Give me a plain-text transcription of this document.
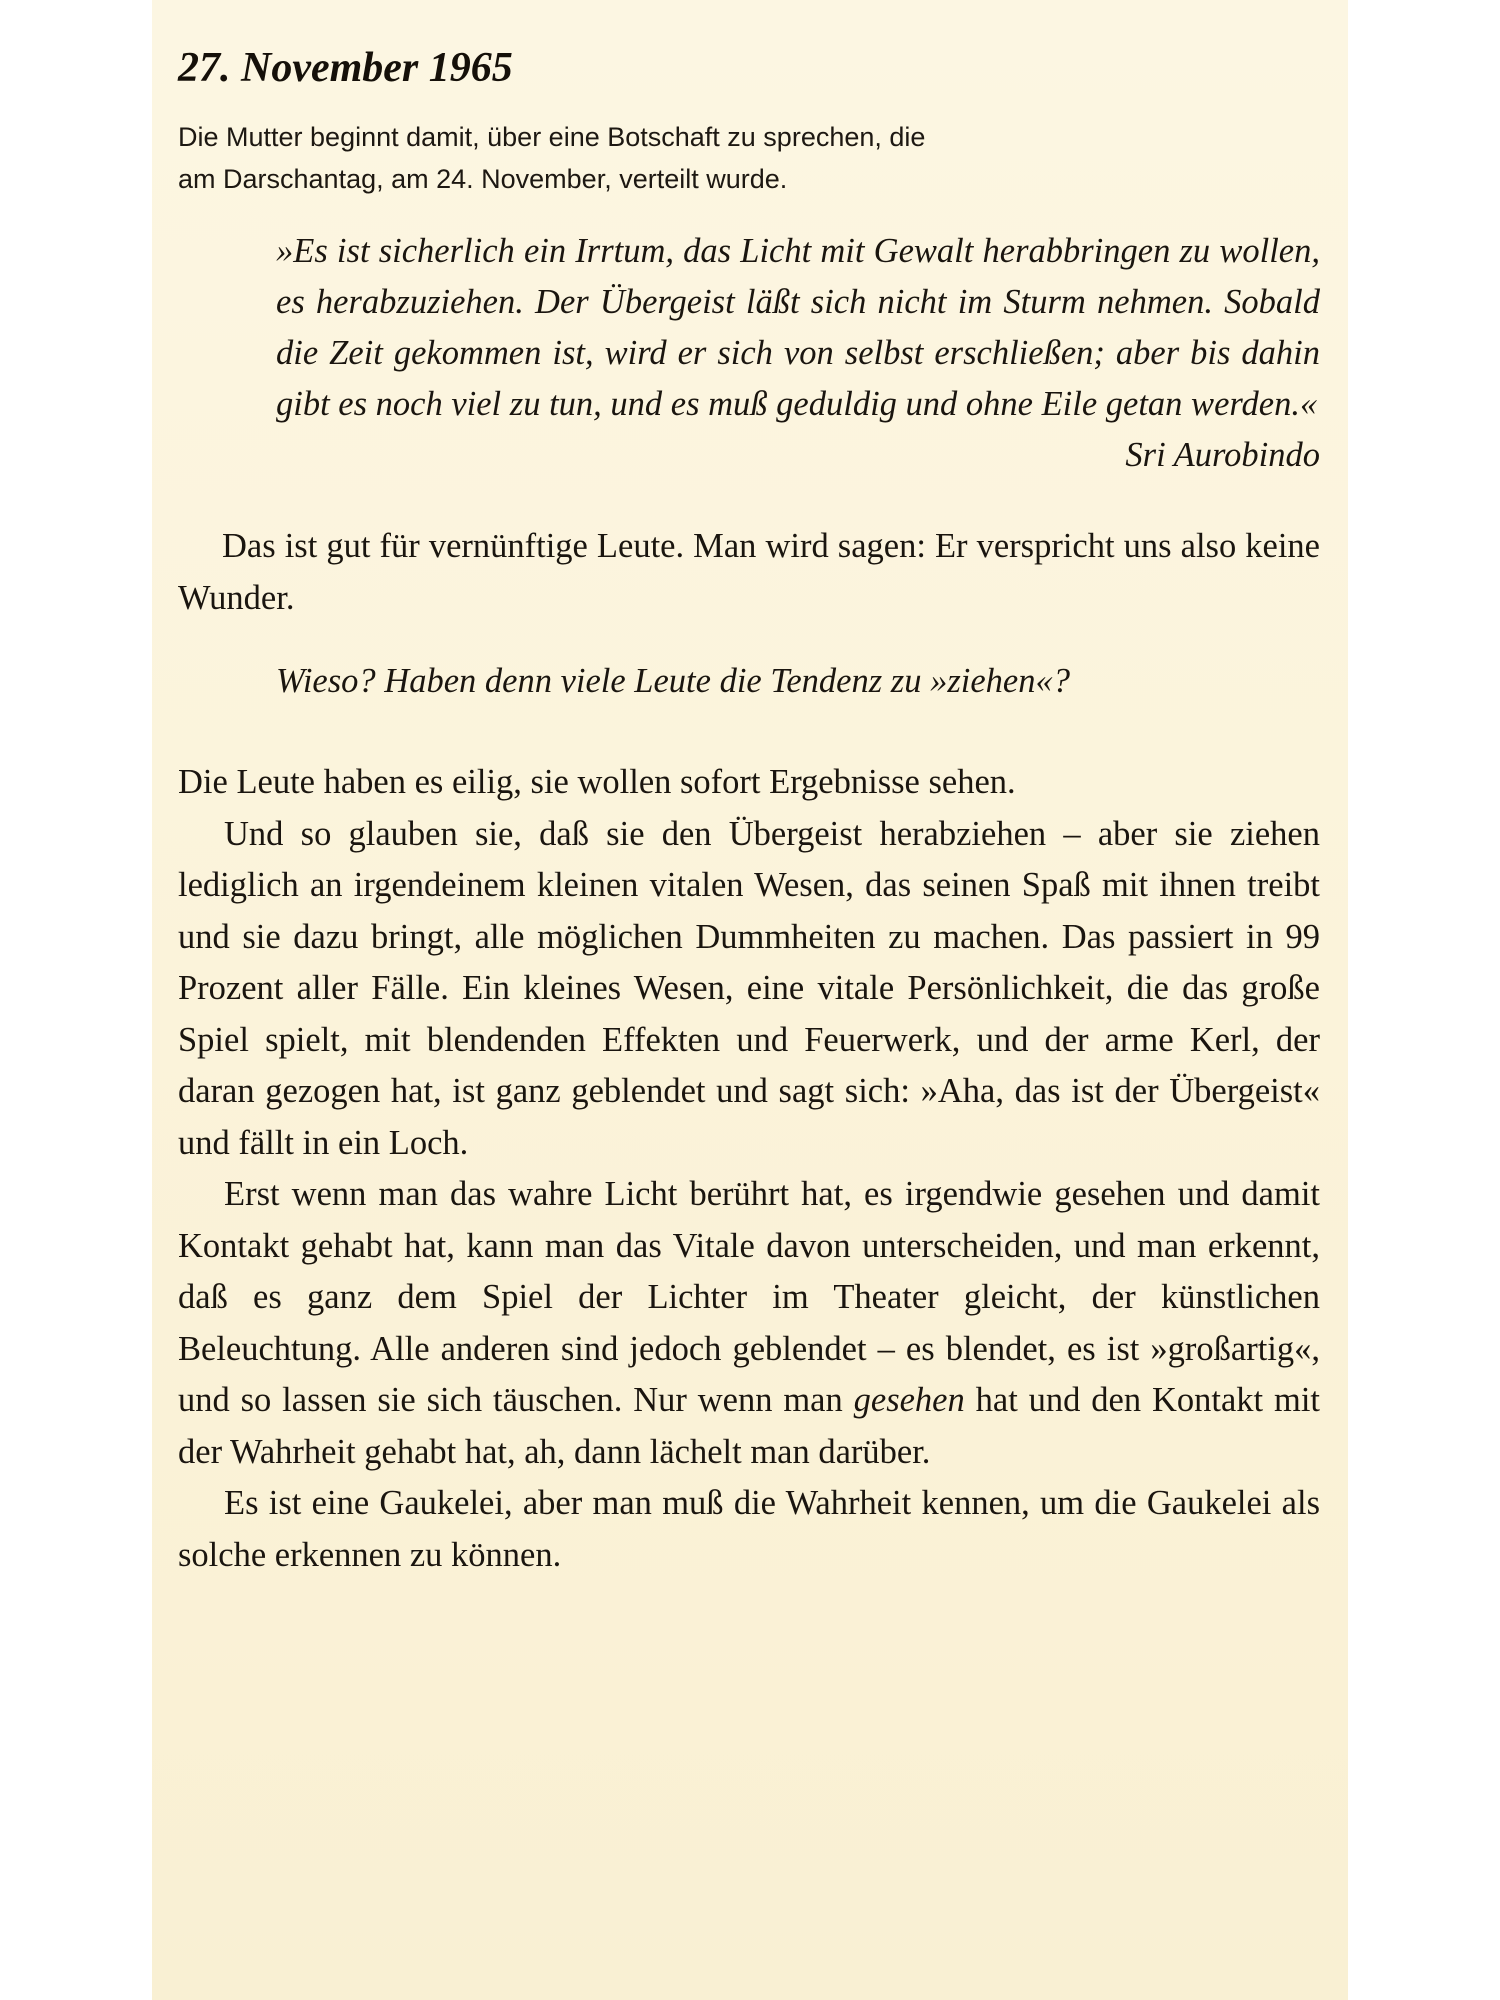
27. November 1965

Die Mutter beginnt damit, über eine Botschaft zu sprechen, die am Darschantag, am 24. November, verteilt wurde.

»Es ist sicherlich ein Irrtum, das Licht mit Gewalt herabbringen zu wollen, es herabzuziehen. Der Übergeist läßt sich nicht im Sturm nehmen. Sobald die Zeit gekommen ist, wird er sich von selbst erschließen; aber bis dahin gibt es noch viel zu tun, und es muß geduldig und ohne Eile getan werden.«

Sri Aurobindo

Das ist gut für vernünftige Leute. Man wird sagen: Er verspricht uns also keine Wunder.

Wieso? Haben denn viele Leute die Tendenz zu »ziehen«?

Die Leute haben es eilig, sie wollen sofort Ergebnisse sehen.

Und so glauben sie, daß sie den Übergeist herabziehen – aber sie ziehen lediglich an irgendeinem kleinen vitalen Wesen, das seinen Spaß mit ihnen treibt und sie dazu bringt, alle möglichen Dummheiten zu machen. Das passiert in 99 Prozent aller Fälle. Ein kleines Wesen, eine vitale Persönlichkeit, die das große Spiel spielt, mit blendenden Effekten und Feuerwerk, und der arme Kerl, der daran gezogen hat, ist ganz geblendet und sagt sich: »Aha, das ist der Übergeist« und fällt in ein Loch.

Erst wenn man das wahre Licht berührt hat, es irgendwie gesehen und damit Kontakt gehabt hat, kann man das Vitale davon unterscheiden, und man erkennt, daß es ganz dem Spiel der Lichter im Theater gleicht, der künstlichen Beleuchtung. Alle anderen sind jedoch geblendet – es blendet, es ist »großartig«, und so lassen sie sich täuschen. Nur wenn man gesehen hat und den Kontakt mit der Wahrheit gehabt hat, ah, dann lächelt man darüber.

Es ist eine Gaukelei, aber man muß die Wahrheit kennen, um die Gaukelei als solche erkennen zu können.
